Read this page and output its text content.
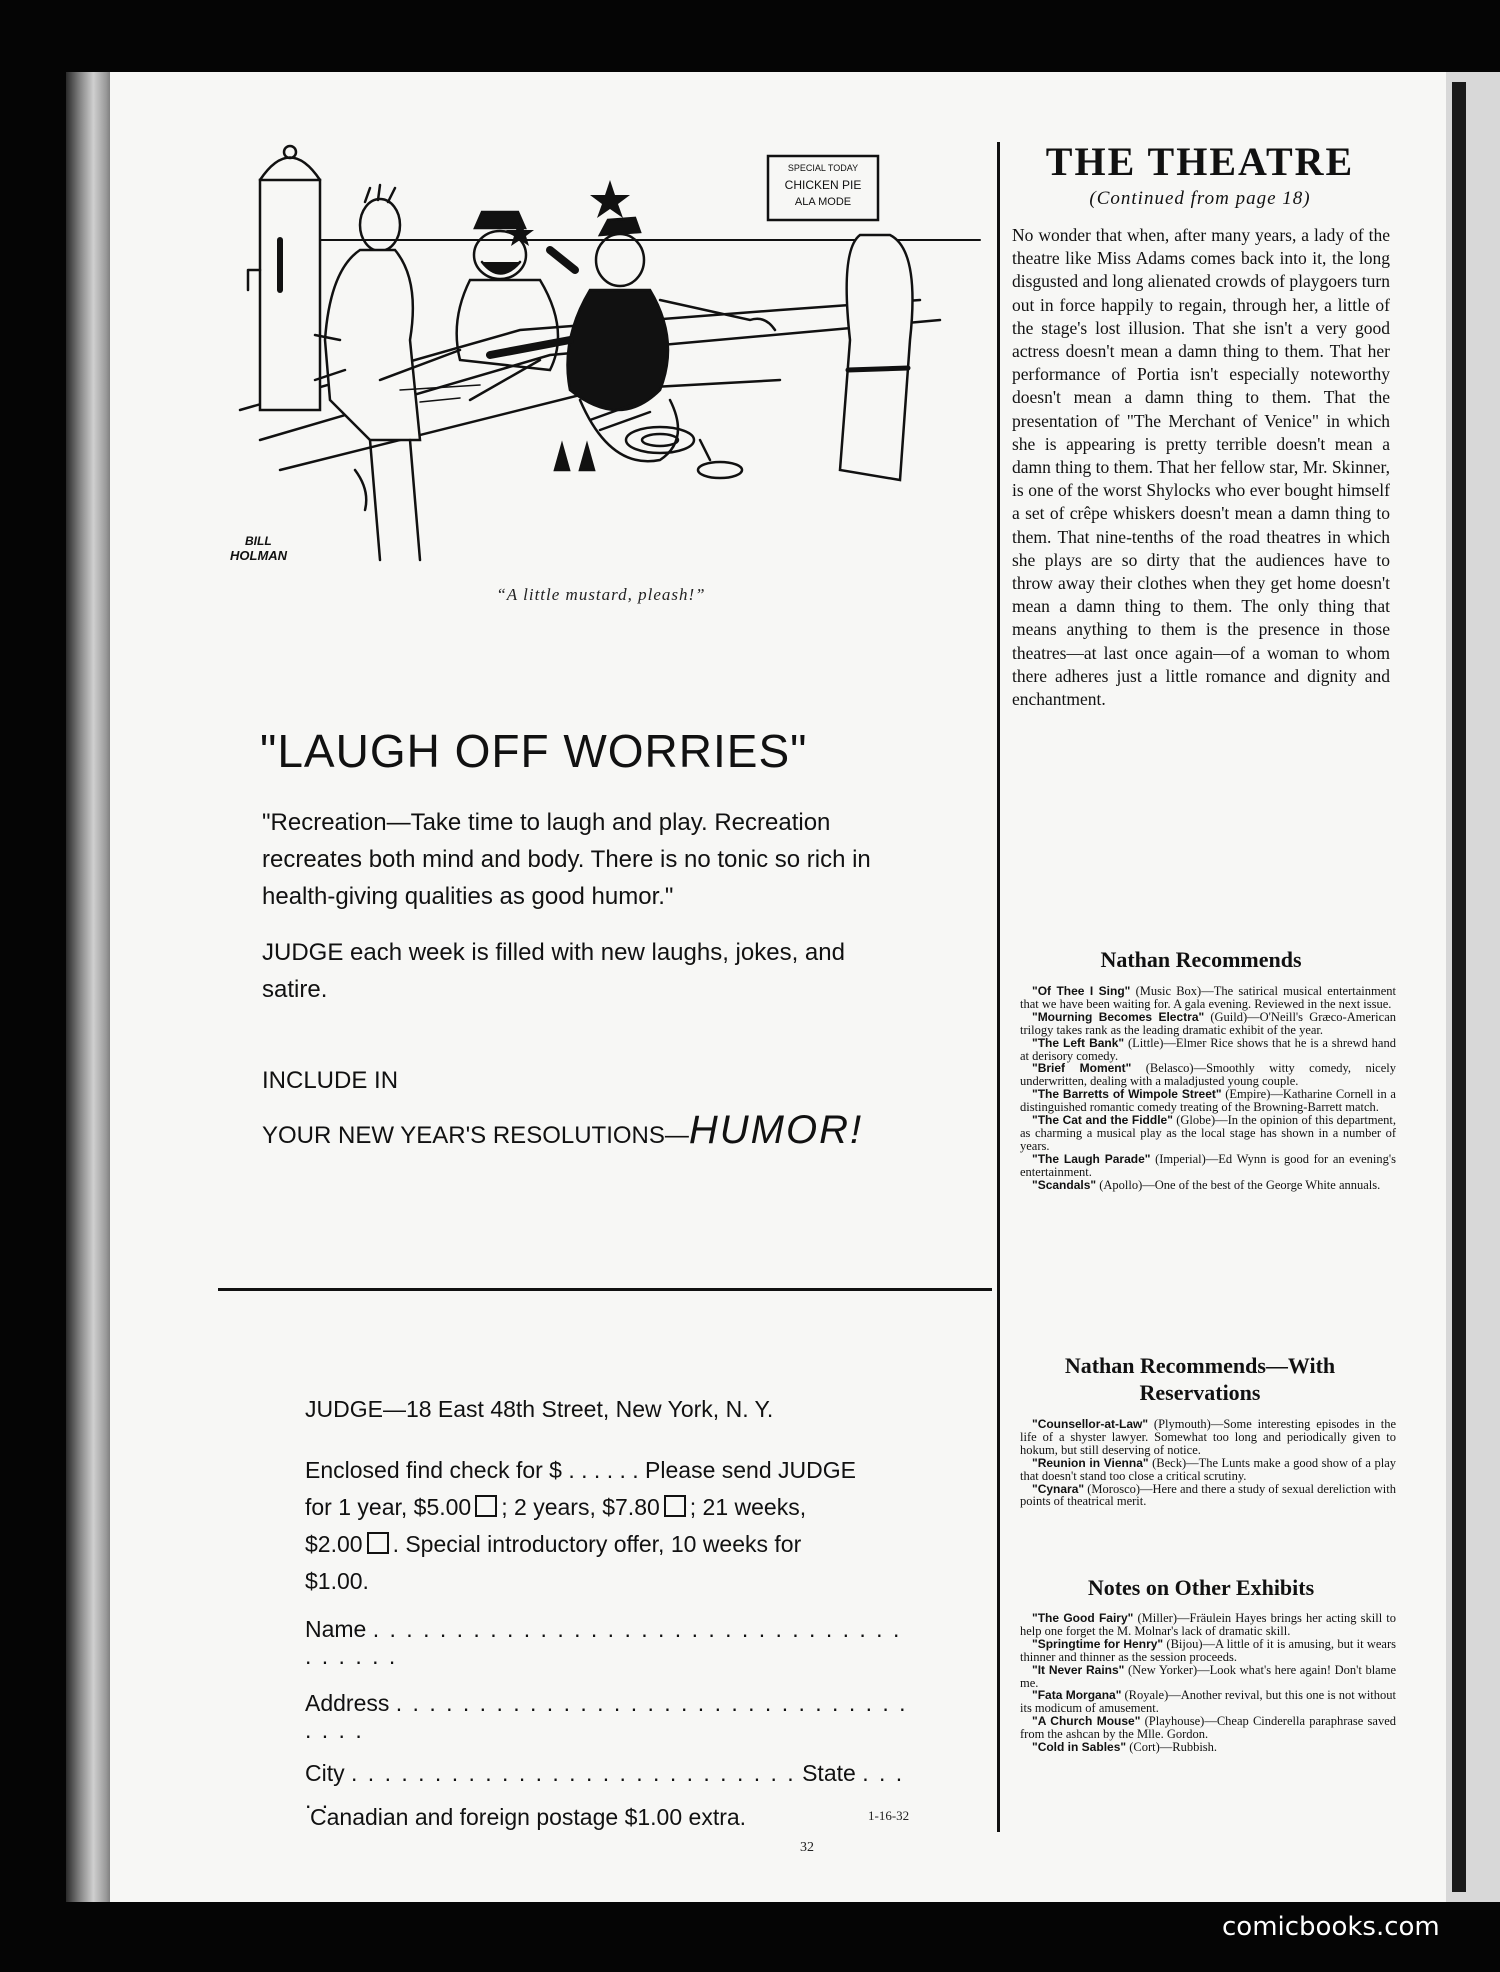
SPECIAL TODAY
CHICKEN PIE
ALA MODE
BILL
HOLMAN
“A little mustard, pleash!”
"LAUGH OFF WORRIES"
"Recreation—Take time to laugh and play. Recreation
recreates both mind and body. There is no tonic so rich in
health-giving qualities as good humor."
JUDGE each week is filled with new laughs, jokes, and
satire.
INCLUDE IN
YOUR NEW YEAR'S RESOLUTIONS—HUMOR!
JUDGE—18 East 48th Street, New York, N. Y.
Enclosed find check for $ . . . . . . Please send JUDGE
for 1 year, $5.00 ; 2 years, $7.80 ; 21 weeks,
$2.00 . Special introductory offer, 10 weeks for
$1.00.
Name . . . . . . . . . . . . . . . . . . . . . . . . . . . . . . . . . . . . . .
Address . . . . . . . . . . . . . . . . . . . . . . . . . . . . . . . . . . .
City . . . . . . . . . . . . . . . . . . . . . . . . . . . State . . . . .
Canadian and foreign postage $1.00 extra.	1-16-32
32
THE THEATRE
(Continued from page 18)
No wonder that when, after many years, a lady of the theatre like Miss Adams comes back into it, the long disgusted and long alienated crowds of playgoers turn out in force happily to regain, through her, a little of the stage's lost illusion. That she isn't a very good actress doesn't mean a damn thing to them. That her performance of Portia isn't especially noteworthy doesn't mean a damn thing to them. That the presentation of "The Merchant of Venice" in which she is appearing is pretty terrible doesn't mean a damn thing to them. That her fellow star, Mr. Skinner, is one of the worst Shylocks who ever bought himself a set of crêpe whiskers doesn't mean a damn thing to them. That nine-tenths of the road theatres in which she plays are so dirty that the audiences have to throw away their clothes when they get home doesn't mean a damn thing to them. The only thing that means anything to them is the presence in those theatres—at last once again—of a woman to whom there adheres just a little romance and dignity and enchantment.
Nathan Recommends

"Of Thee I Sing" (Music Box)—The satirical musical entertainment that we have been waiting for. A gala evening. Reviewed in the next issue.

"Mourning Becomes Electra" (Guild)—O'Neill's Græco-American trilogy takes rank as the leading dramatic exhibit of the year.

"The Left Bank" (Little)—Elmer Rice shows that he is a shrewd hand at derisory comedy.

"Brief Moment" (Belasco)—Smoothly witty comedy, nicely underwritten, dealing with a maladjusted young couple.

"The Barretts of Wimpole Street" (Empire)—Katharine Cornell in a distinguished romantic comedy treating of the Browning-Barrett match.

"The Cat and the Fiddle" (Globe)—In the opinion of this department, as charming a musical play as the local stage has shown in a number of years.

"The Laugh Parade" (Imperial)—Ed Wynn is good for an evening's entertainment.

"Scandals" (Apollo)—One of the best of the George White annuals.

Nathan Recommends—With Reservations

"Counsellor-at-Law" (Plymouth)—Some interesting episodes in the life of a shyster lawyer. Somewhat too long and periodically given to hokum, but still deserving of notice.

"Reunion in Vienna" (Beck)—The Lunts make a good show of a play that doesn't stand too close a critical scrutiny.

"Cynara" (Morosco)—Here and there a study of sexual dereliction with points of theatrical merit.

Notes on Other Exhibits

"The Good Fairy" (Miller)—Fräulein Hayes brings her acting skill to help one forget the M. Molnar's lack of dramatic skill.

"Springtime for Henry" (Bijou)—A little of it is amusing, but it wears thinner and thinner as the session proceeds.

"It Never Rains" (New Yorker)—Look what's here again! Don't blame me.

"Fata Morgana" (Royale)—Another revival, but this one is not without its modicum of amusement.

"A Church Mouse" (Playhouse)—Cheap Cinderella paraphrase saved from the ashcan by the Mlle. Gordon.

"Cold in Sables" (Cort)—Rubbish.

comicbooks.com
